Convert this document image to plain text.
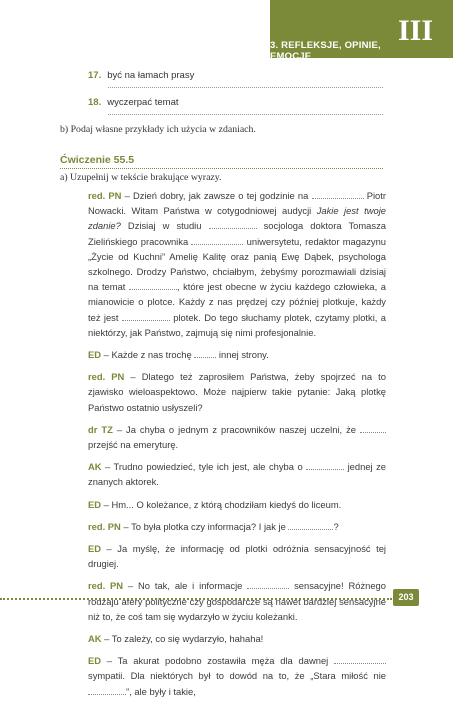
3. REFLEKSJE, OPINIE, EMOCJE
III
17. być na łamach prasy
18. wyczerpać temat
b) Podaj własne przykłady ich użycia w zdaniach.
Ćwiczenie 55.5
a) Uzupełnij w tekście brakujące wyrazy.

red. PN – Dzień dobry, jak zawsze o tej godzinie na	Piotr Nowacki. Witam Państwa w cotygodniowej audycji Jakie jest twoje zdanie? Dzisiaj w studiu	socjologa doktora Tomasza Zielińskiego pracownika	uniwersytetu, redaktor magazynu „Życie od Kuchni” Amelię Kalitę oraz panią Ewę Dąbek, psychologa szkolnego. Drodzy Państwo, chciałbym, żebyśmy porozmawiali dzisiaj na temat	, które jest obecne w życiu każdego człowieka, a mianowicie o plotce. Każdy z nas prędzej czy później plotkuje, każdy też jest	plotek. Do tego słuchamy plotek, czytamy plotki, a niektórzy, jak Państwo, zajmują się nimi profesjonalnie.

ED – Każde z nas trochę  innej strony.

red. PN – Dlatego też zaprosiłem Państwa, żeby spojrzeć na to zjawisko wieloaspektowo. Może najpierw takie pytanie: Jaką plotkę Państwo ostatnio usłyszeli?

dr TZ – Ja chyba o jednym z pracowników naszej uczelni, że  przejść na emeryturę.

AK – Trudno powiedzieć, tyle ich jest, ale chyba o	jednej ze znanych aktorek.

ED – Hm... O koleżance, z którą chodziłam kiedyś do liceum.

red. PN – To była plotka czy informacja? I jak je	?

ED – Ja myślę, że informację od plotki odróżnia sensacyjność tej drugiej.

red. PN – No tak, ale i informacje	sensacyjne! Różnego rodzaju afery polityczne czy gospodarcze są nawet bardziej sensacyjne niż to, że coś tam się wydarzyło w życiu koleżanki.

AK – To zależy, co się wydarzyło, hahaha!

ED – Ta akurat podobno zostawiła męża dla dawnej  sympatii. Dla niektórych był to dowód na to, że „Stara miłość nie ”, ale były i takie,

203
